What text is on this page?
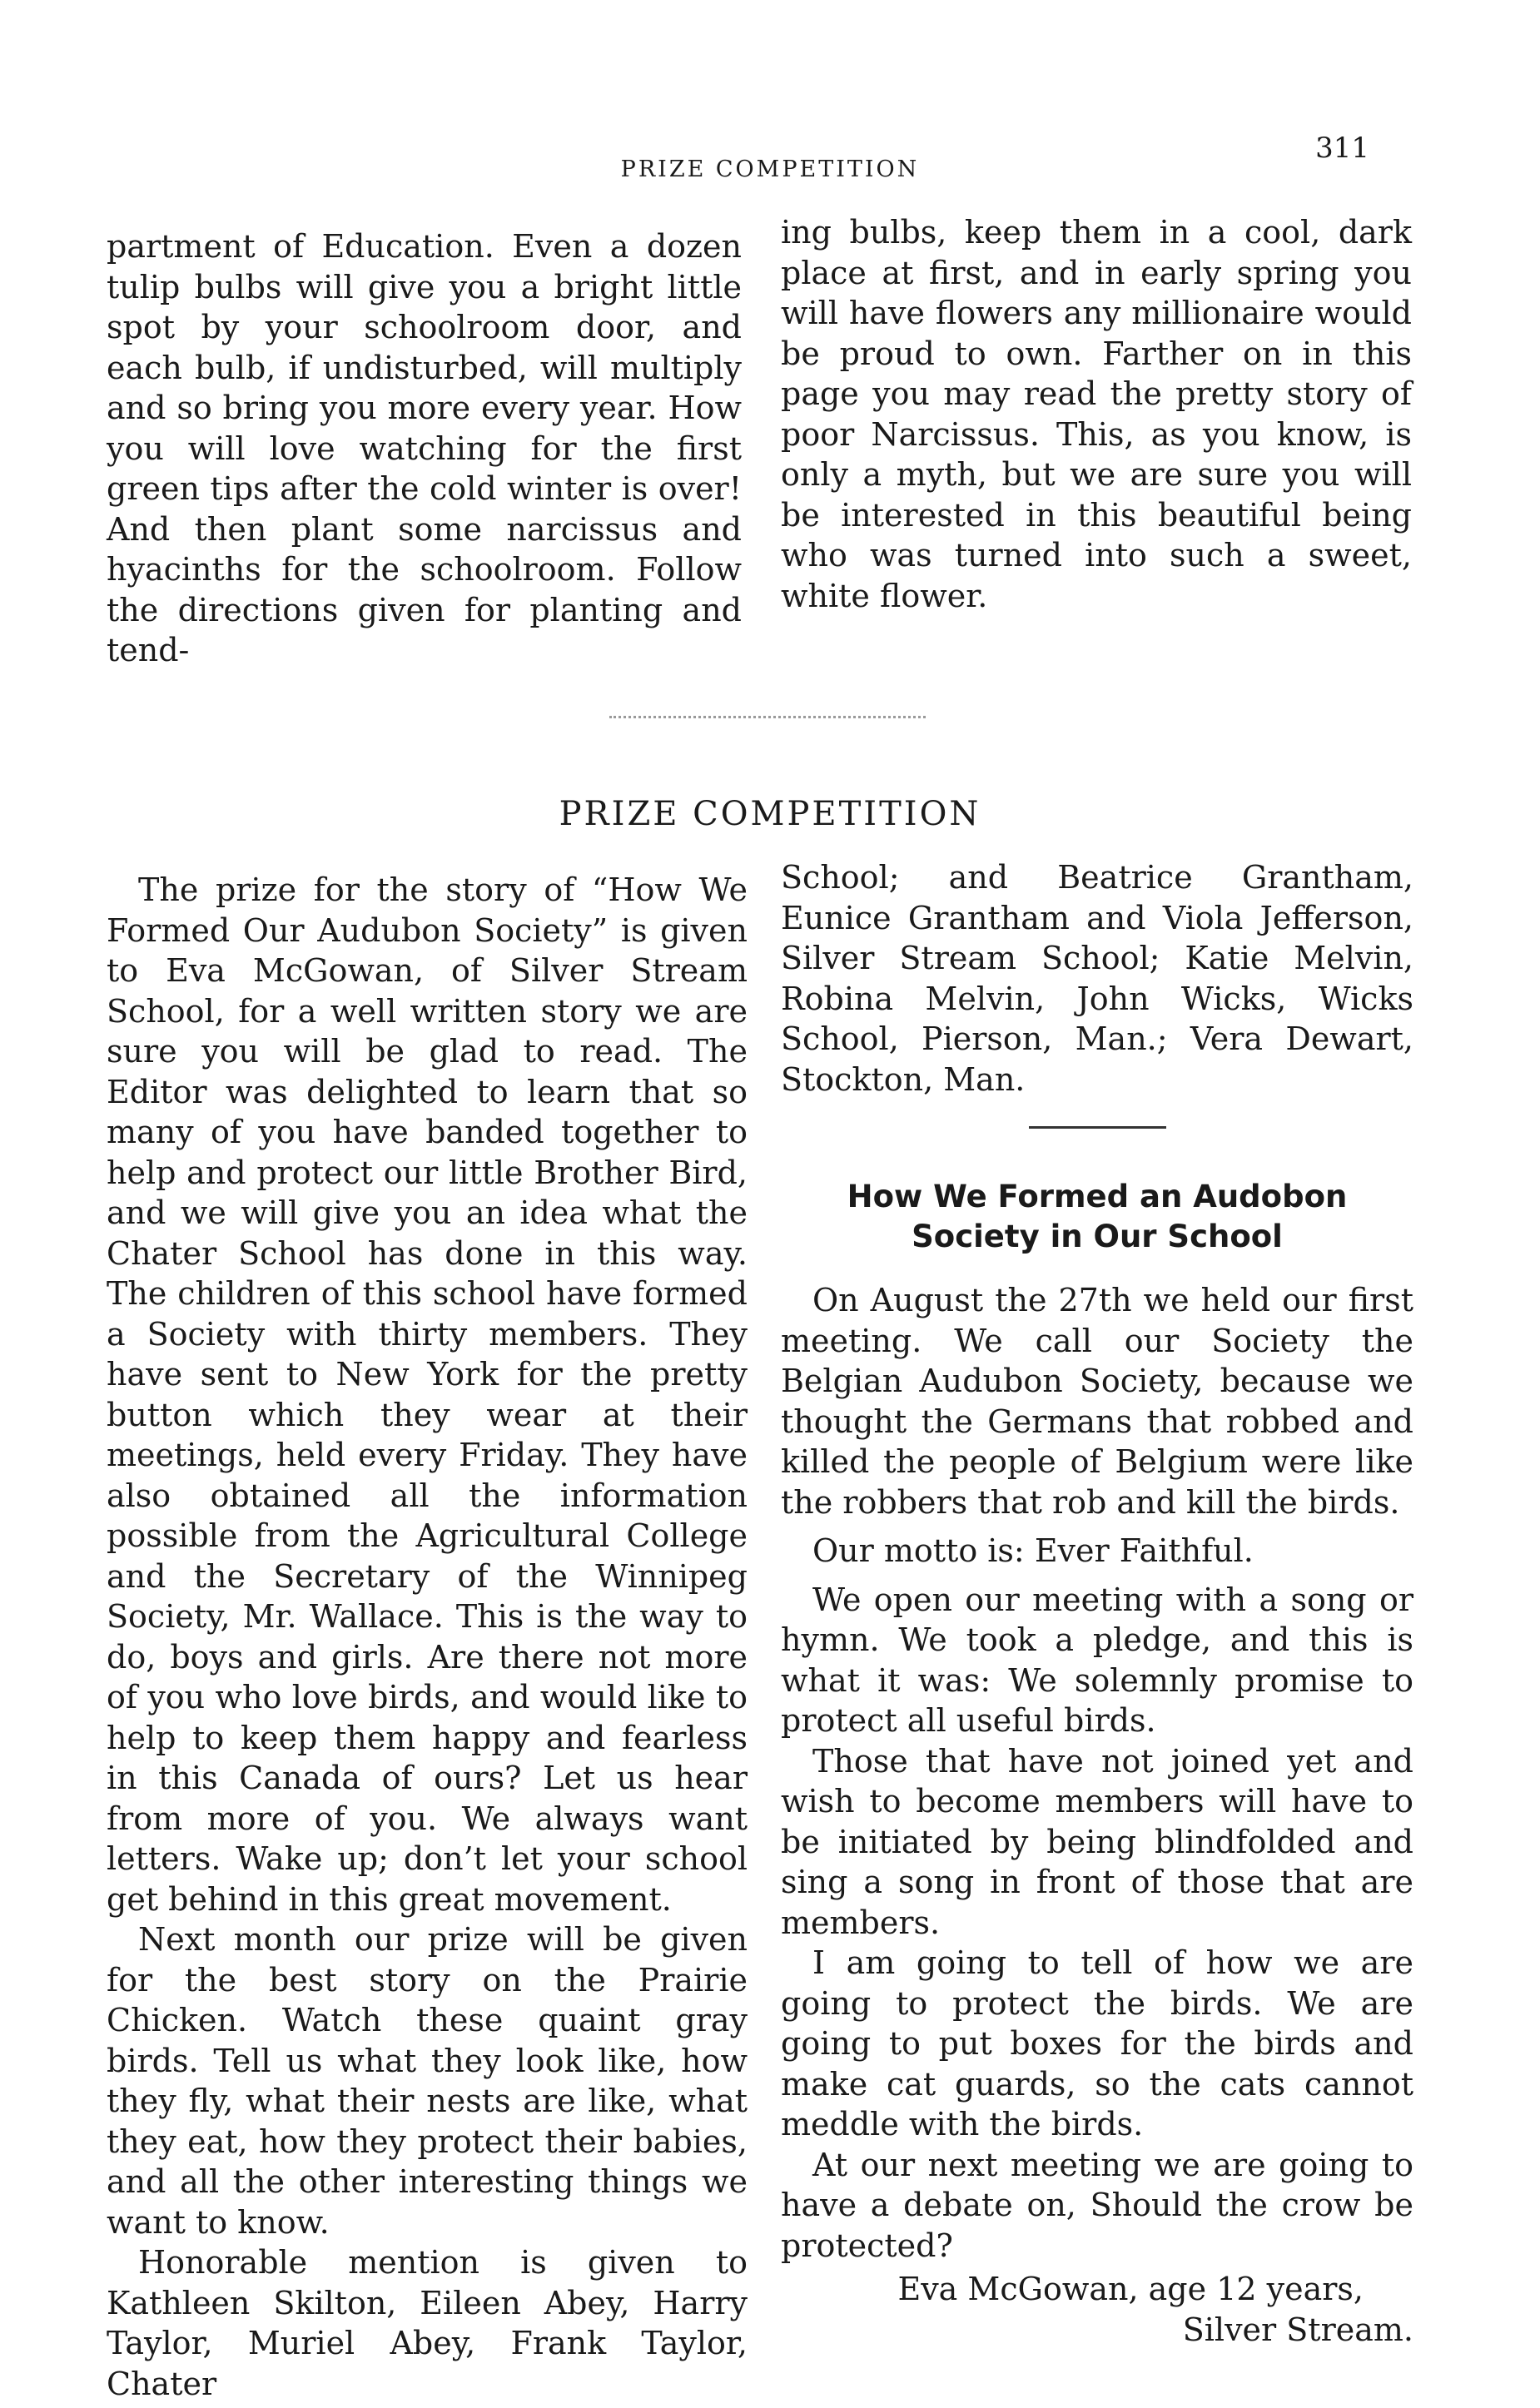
PRIZE COMPETITION
311

partment of Education. Even a dozen tulip bulbs will give you a bright little spot by your schoolroom door, and each bulb, if undisturbed, will multiply and so bring you more every year. How you will love watching for the first green tips after the cold winter is over! And then plant some narcissus and hyacinths for the schoolroom. Follow the directions given for planting and tend-

ing bulbs, keep them in a cool, dark place at first, and in early spring you will have flowers any millionaire would be proud to own. Farther on in this page you may read the pretty story of poor Narcissus. This, as you know, is only a myth, but we are sure you will be interested in this beautiful being who was turned into such a sweet, white flower.

PRIZE COMPETITION

The prize for the story of “How We Formed Our Audubon Society” is given to Eva McGowan, of Silver Stream School, for a well written story we are sure you will be glad to read. The Editor was delighted to learn that so many of you have banded together to help and protect our little Brother Bird, and we will give you an idea what the Chater School has done in this way. The children of this school have formed a Society with thirty members. They have sent to New York for the pretty button which they wear at their meetings, held every Friday. They have also obtained all the information possible from the Agricultural College and the Secretary of the Winnipeg Society, Mr. Wallace. This is the way to do, boys and girls. Are there not more of you who love birds, and would like to help to keep them happy and fearless in this Canada of ours? Let us hear from more of you. We always want letters. Wake up; don’t let your school get behind in this great movement.

Next month our prize will be given for the best story on the Prairie Chicken. Watch these quaint gray birds. Tell us what they look like, how they fly, what their nests are like, what they eat, how they protect their babies, and all the other interesting things we want to know.

Honorable mention is given to Kathleen Skilton, Eileen Abey, Harry Taylor, Muriel Abey, Frank Taylor, Chater

School; and Beatrice Grantham, Eunice Grantham and Viola Jefferson, Silver Stream School; Katie Melvin, Robina Melvin, John Wicks, Wicks School, Pierson, Man.; Vera Dewart, Stockton, Man.

How We Formed an Audobon Society in Our School

On August the 27th we held our first meeting. We call our Society the Belgian Audubon Society, because we thought the Germans that robbed and killed the people of Belgium were like the robbers that rob and kill the birds.

Our motto is: Ever Faithful.

We open our meeting with a song or hymn. We took a pledge, and this is what it was: We solemnly promise to protect all useful birds.

Those that have not joined yet and wish to become members will have to be initiated by being blindfolded and sing a song in front of those that are members.

I am going to tell of how we are going to protect the birds. We are going to put boxes for the birds and make cat guards, so the cats cannot meddle with the birds.

At our next meeting we are going to have a debate on, Should the crow be protected?

Eva McGowan, age 12 years,
Silver Stream.
